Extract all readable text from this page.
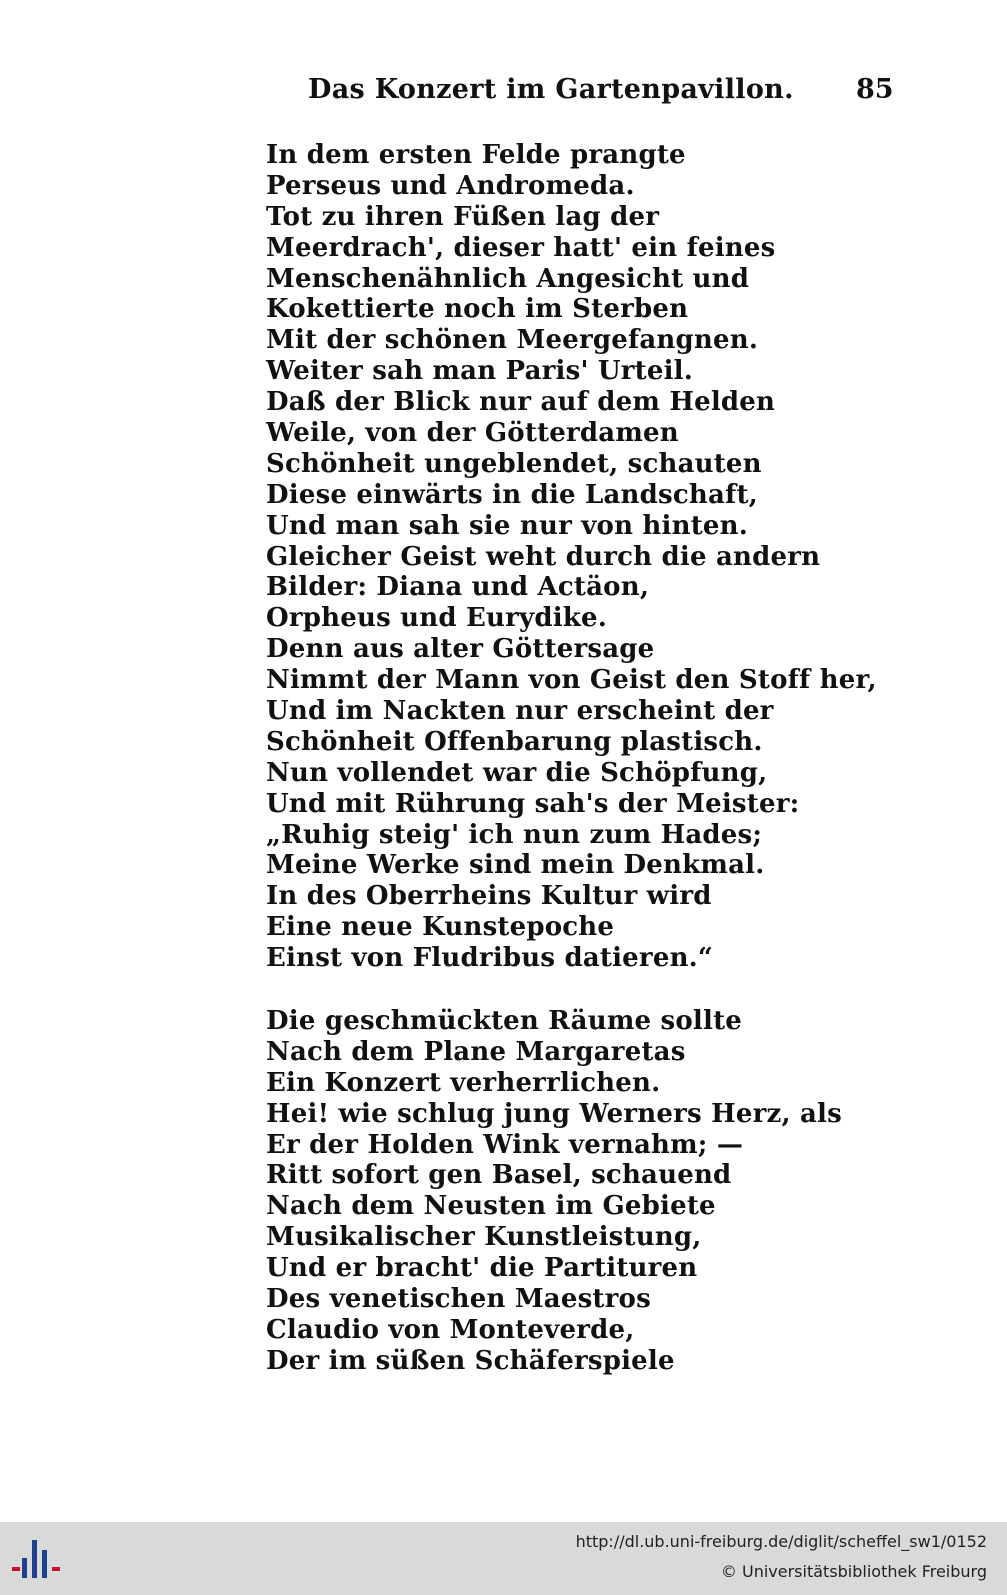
Das Konzert im Gartenpavillon. 85
In dem ersten Felde prangte
Perseus und Andromeda.
Tot zu ihren Füßen lag der
Meerdrach', dieser hatt' ein feines
Menschenähnlich Angesicht und
Kokettierte noch im Sterben
Mit der schönen Meergefangnen.
Weiter sah man Paris' Urteil.
Daß der Blick nur auf dem Helden
Weile, von der Götterdamen
Schönheit ungeblendet, schauten
Diese einwärts in die Landschaft,
Und man sah sie nur von hinten.
Gleicher Geist weht durch die andern
Bilder: Diana und Actäon,
Orpheus und Eurydike.
Denn aus alter Göttersage
Nimmt der Mann von Geist den Stoff her,
Und im Nackten nur erscheint der
Schönheit Offenbarung plastisch.
Nun vollendet war die Schöpfung,
Und mit Rührung sah's der Meister:
„Ruhig steig' ich nun zum Hades;
Meine Werke sind mein Denkmal.
In des Oberrheins Kultur wird
Eine neue Kunstepoche
Einst von Fludribus datieren.“
Die geschmückten Räume sollte
Nach dem Plane Margaretas
Ein Konzert verherrlichen.
Hei! wie schlug jung Werners Herz, als
Er der Holden Wink vernahm; —
Ritt sofort gen Basel, schauend
Nach dem Neusten im Gebiete
Musikalischer Kunstleistung,
Und er bracht' die Partituren
Des venetischen Maestros
Claudio von Monteverde,
Der im süßen Schäferspiele
http://dl.ub.uni-freiburg.de/diglit/scheffel_sw1/0152
© Universitätsbibliothek Freiburg
